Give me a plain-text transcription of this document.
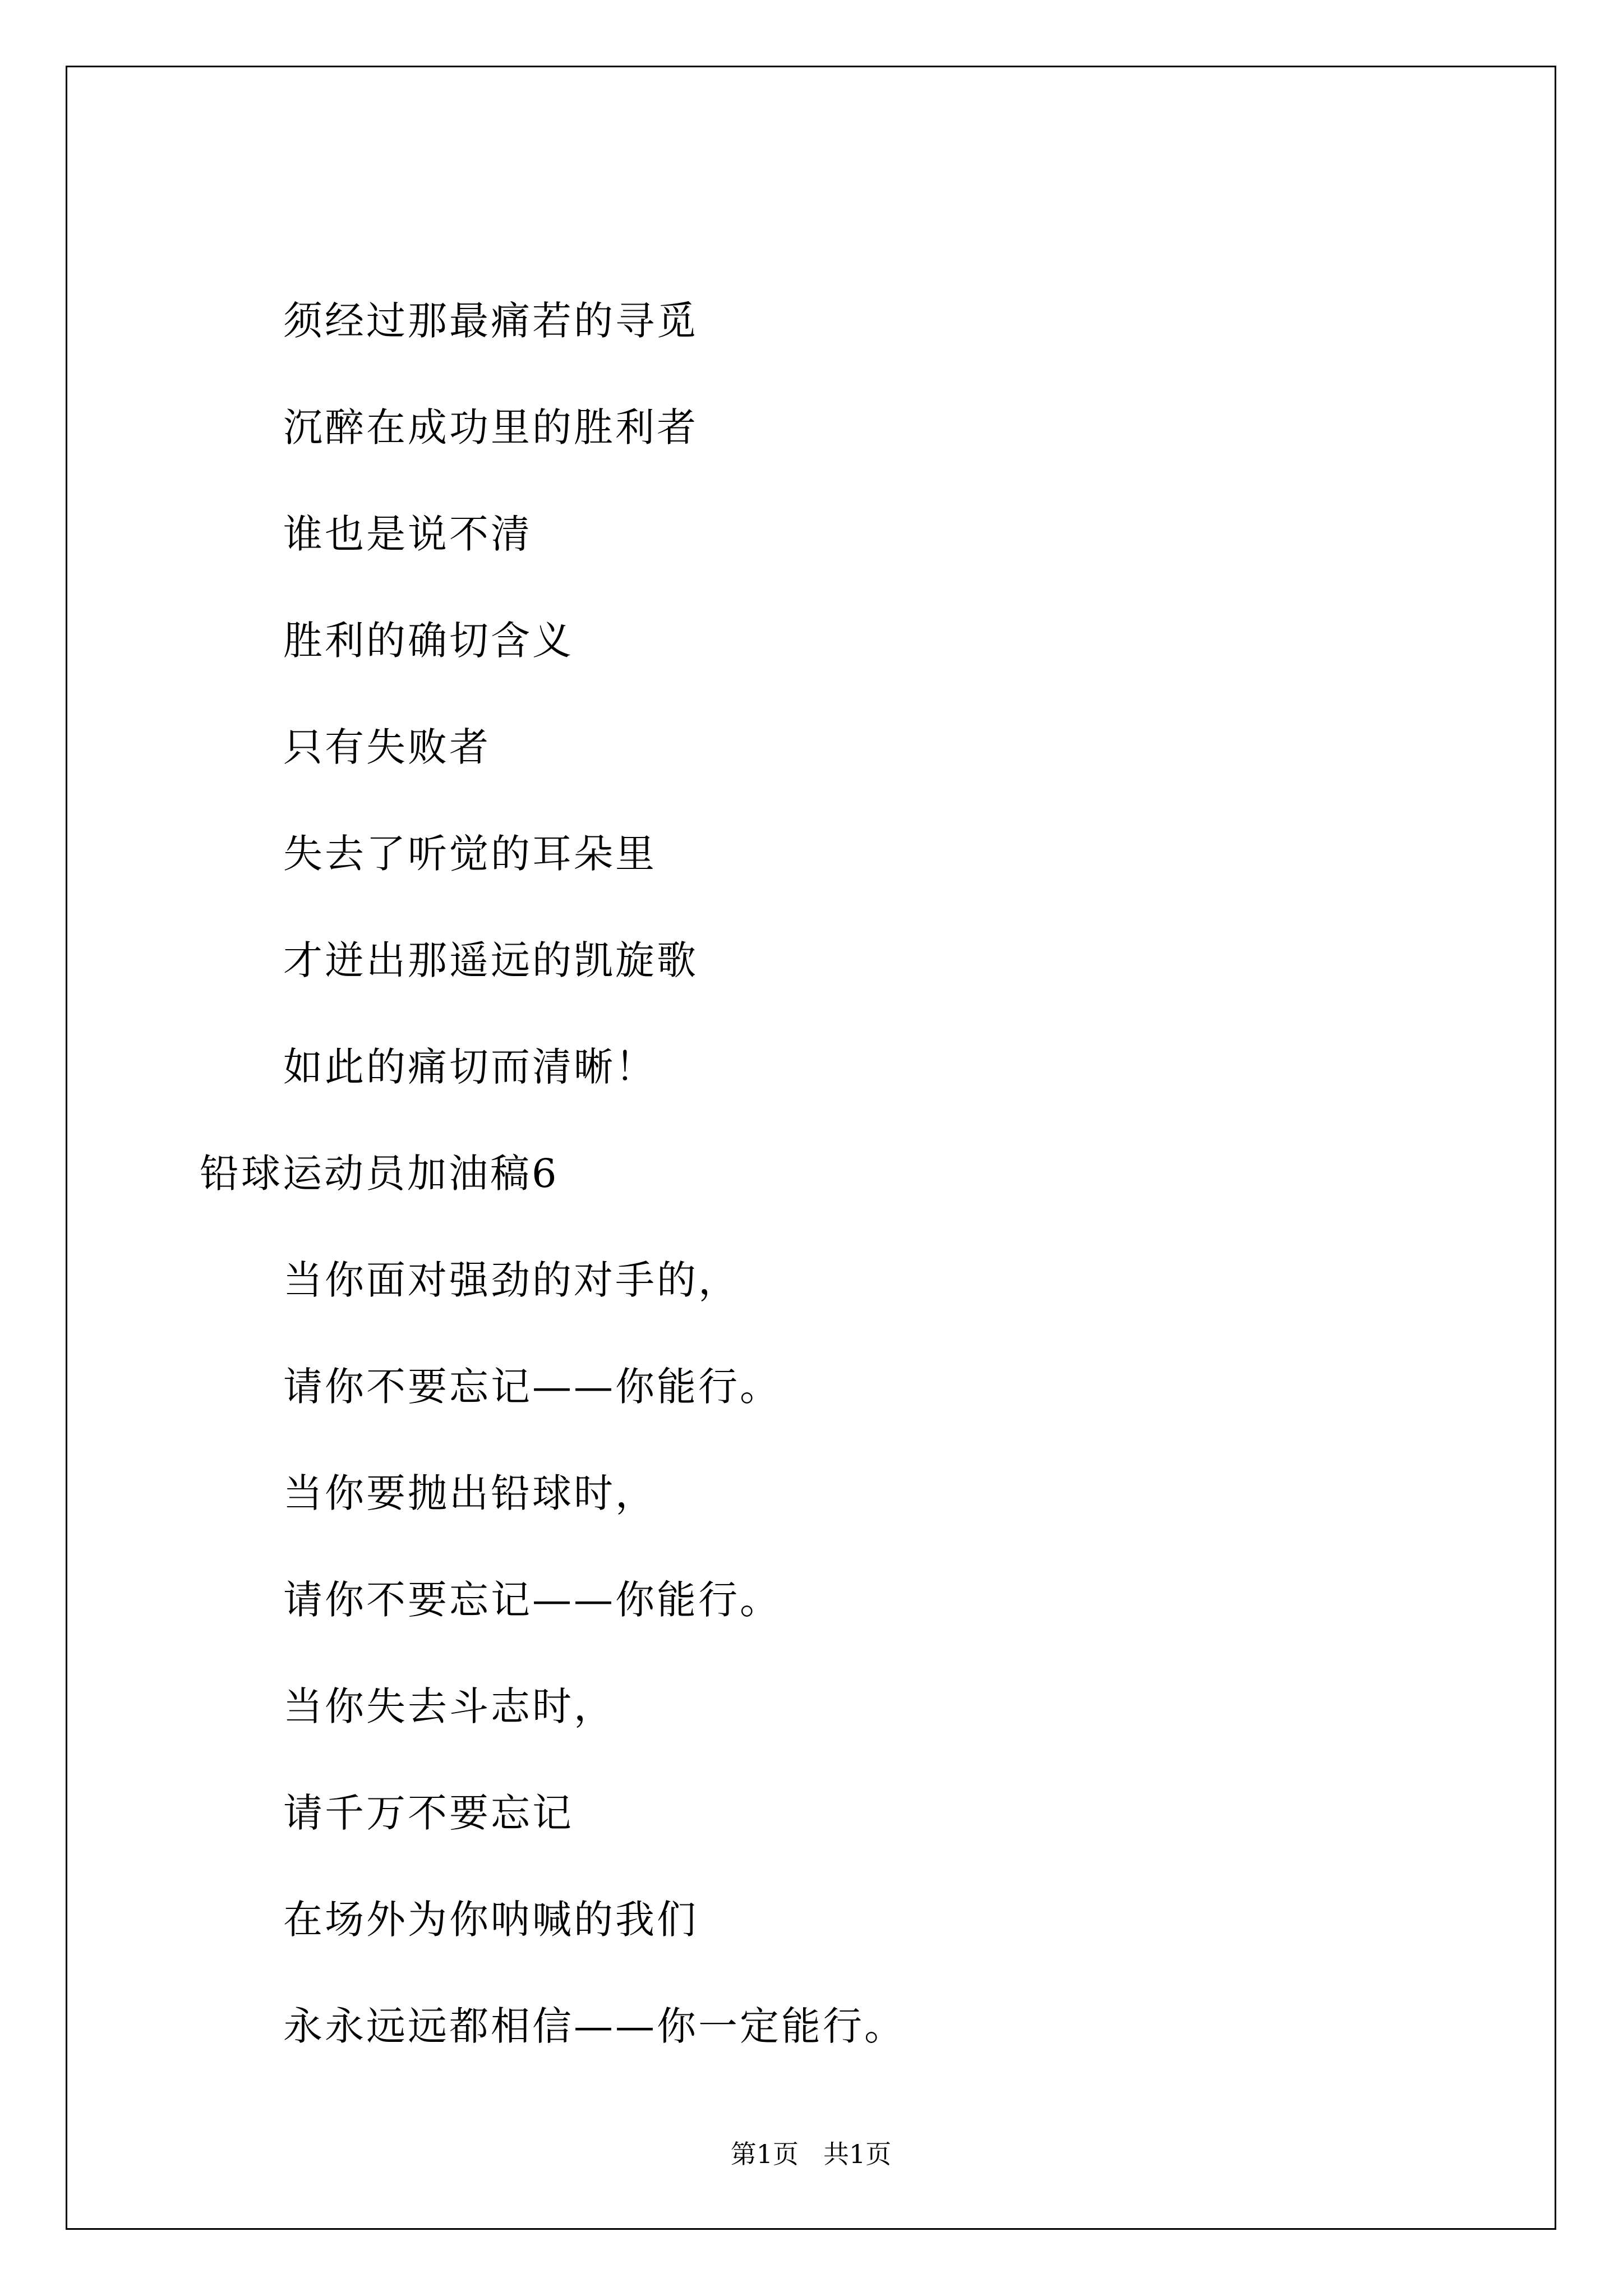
须经过那最痛若的寻觅
沉醉在成功里的胜利者
谁也是说不清
胜利的确切含义
只有失败者
失去了听觉的耳朵里
才迸出那遥远的凯旋歌
如此的痛切而清晰！
铅球运动员加油稿6
当你面对强劲的对手的，
请你不要忘记——你能行。
当你要抛出铅球时，
请你不要忘记——你能行。
当你失去斗志时，
请千万不要忘记
在场外为你呐喊的我们
永永远远都相信——你一定能行。
第1页 共1页
